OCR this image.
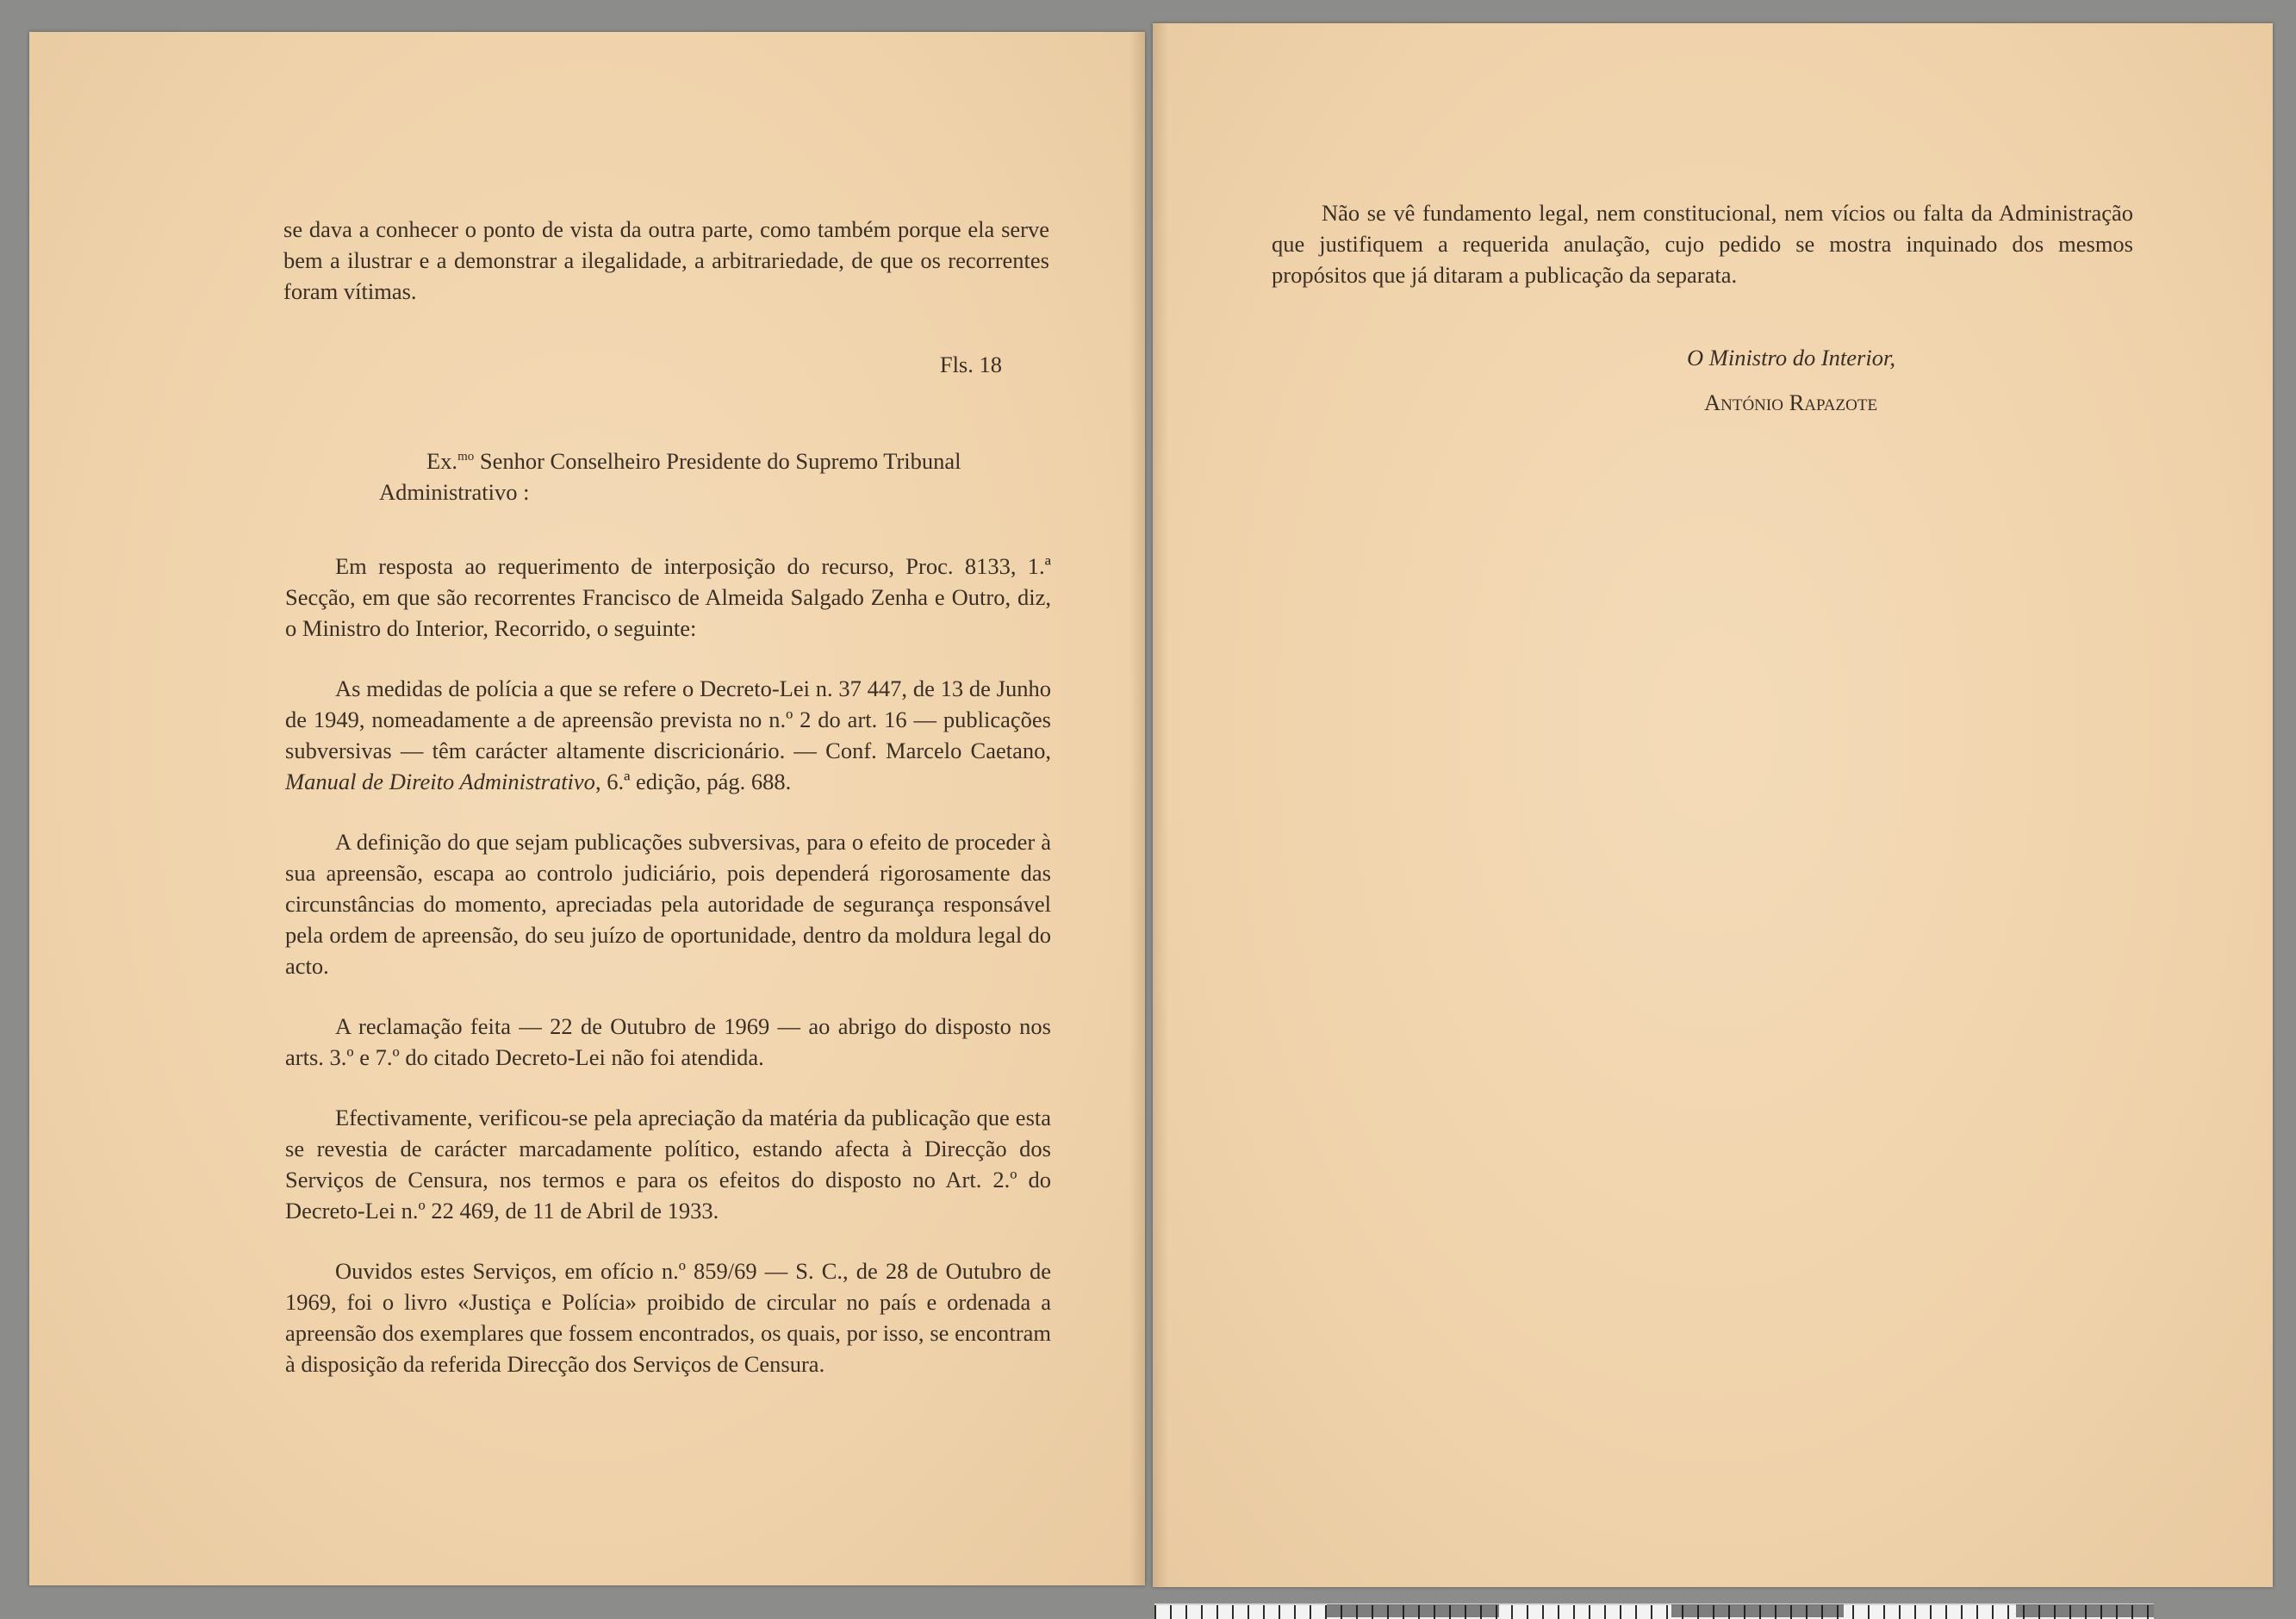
se dava a conhecer o ponto de vista da outra parte, como também porque ela serve bem a ilustrar e a demonstrar a ilegalidade, a arbitrariedade, de que os recorrentes foram vítimas.

Fls. 18

Ex.$^{mo}$ Senhor Conselheiro Presidente do Supremo Tribunal

Administrativo :

Em resposta ao requerimento de interposição do recurso, Proc. 8133, 1.ª Secção, em que são recorrentes Francisco de Almeida Salgado Zenha e Outro, diz, o Ministro do Interior, Recorrido, o seguinte:

As medidas de polícia a que se refere o Decreto-Lei n. 37 447, de 13 de Junho de 1949, nomeadamente a de apreensão prevista no n.º 2 do art. 16 — publicações subversivas — têm carácter altamente discricionário. — Conf. Marcelo Caetano, Manual de Direito Administrativo, 6.ª edição, pág. 688.

A definição do que sejam publicações subversivas, para o efeito de proceder à sua apreensão, escapa ao controlo judiciário, pois dependerá rigorosamente das circunstâncias do momento, apreciadas pela autoridade de segurança responsável pela ordem de apreensão, do seu juízo de oportunidade, dentro da moldura legal do acto.

A reclamação feita — 22 de Outubro de 1969 — ao abrigo do disposto nos arts. 3.º e 7.º do citado Decreto-Lei não foi atendida.

Efectivamente, verificou-se pela apreciação da matéria da publicação que esta se revestia de carácter marcadamente político, estando afecta à Direcção dos Serviços de Censura, nos termos e para os efeitos do disposto no Art. 2.º do Decreto-Lei n.º 22 469, de 11 de Abril de 1933.

Ouvidos estes Serviços, em ofício n.º 859/69 — S. C., de 28 de Outubro de 1969, foi o livro «Justiça e Polícia» proibido de circular no país e ordenada a apreensão dos exemplares que fossem encontrados, os quais, por isso, se encontram à disposição da referida Direcção dos Serviços de Censura.

Não se vê fundamento legal, nem constitucional, nem vícios ou falta da Administração que justifiquem a requerida anulação, cujo pedido se mostra inquinado dos mesmos propósitos que já ditaram a publicação da separata.

O Ministro do Interior,

António Rapazote
